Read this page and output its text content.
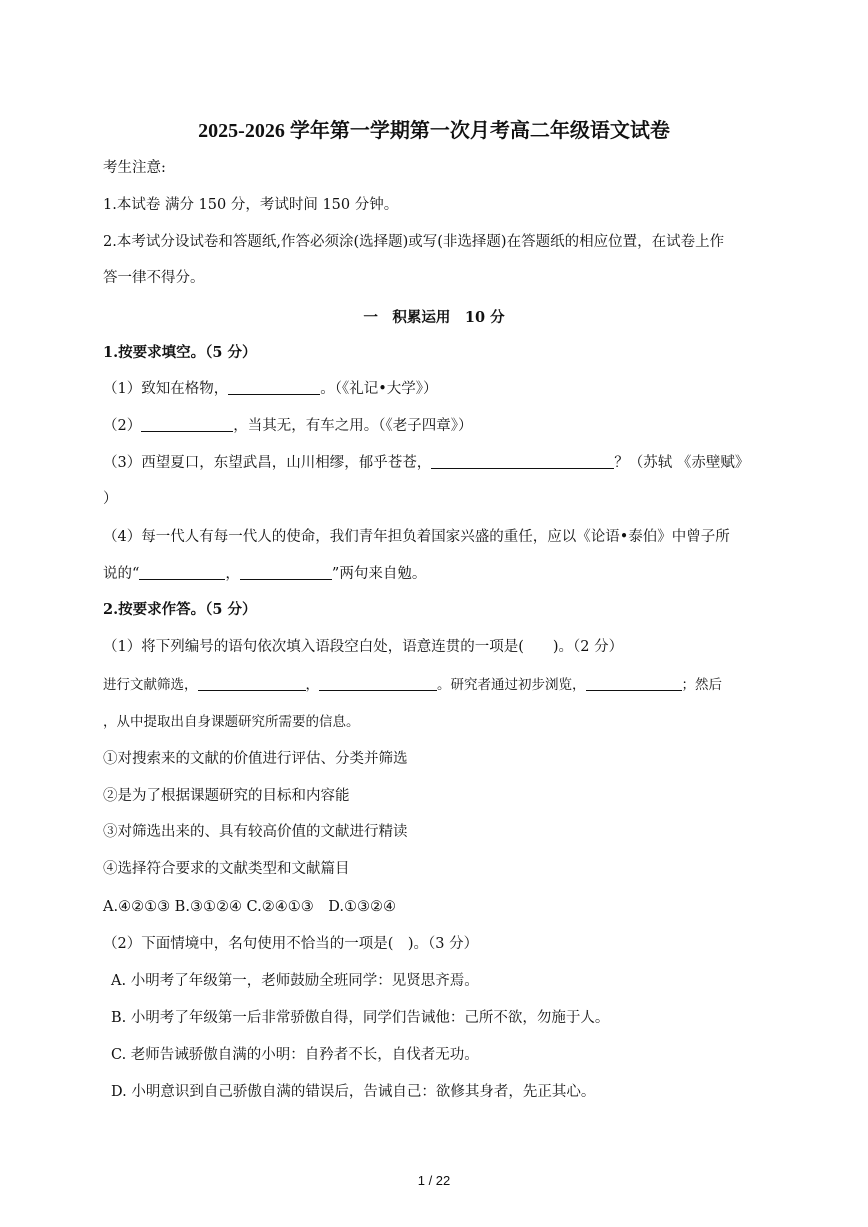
2025-2026 学年第一学期第一次月考高二年级语文试卷
考生注意:
1.本试卷 满分 150 分，考试时间 150 分钟。
2.本考试分设试卷和答题纸,作答必须涂(选择题)或写(非选择题)在答题纸的相应位置，在试卷上作
答一律不得分。
一　积累运用　10 分
1.按要求填空。（5 分）
（1）致知在格物，	。（《礼记•大学》）
（2）	，当其无，有车之用。（《老子四章》）
（3）西望夏口，东望武昌，山川相缪，郁乎苍苍，	？（苏轼 《赤壁赋》
）
（4）每一代人有每一代人的使命，我们青年担负着国家兴盛的重任，应以《论语•泰伯》中曾子所
说的“	，	”两句来自勉。
2.按要求作答。（5 分）
（1）将下列编号的语句依次填入语段空白处，语意连贯的一项是(　　)。（2 分）
进行文献筛选，	，	。研究者通过初步浏览，	；然后
，从中提取出自身课题研究所需要的信息。
①对搜索来的文献的价值进行评估、分类并筛选
②是为了根据课题研究的目标和内容能
③对筛选出来的、具有较高价值的文献进行精读
④选择符合要求的文献类型和文献篇目
A.④②①③ B.③①②④ C.②④①③　D.①③②④
（2）下面情境中，名句使用不恰当的一项是(　)。（3 分）
A. 小明考了年级第一，老师鼓励全班同学：见贤思齐焉。
B. 小明考了年级第一后非常骄傲自得，同学们告诫他：己所不欲，勿施于人。
C. 老师告诫骄傲自满的小明：自矜者不长，自伐者无功。
D. 小明意识到自己骄傲自满的错误后，告诫自己：欲修其身者，先正其心。
1 / 22
